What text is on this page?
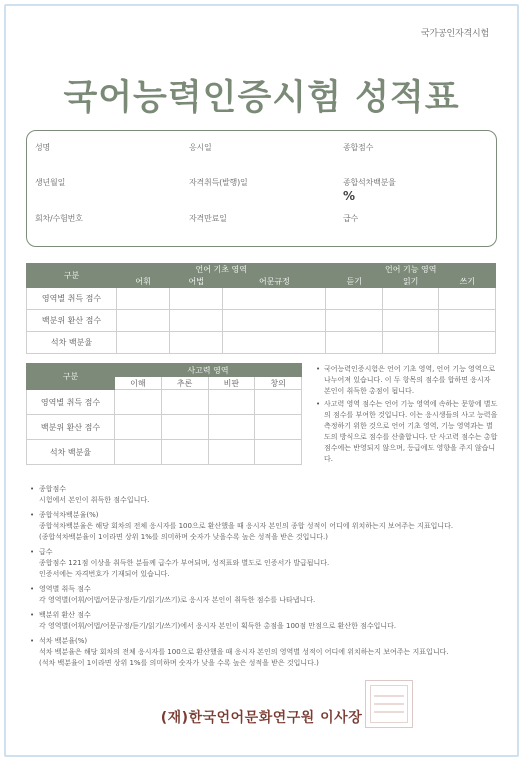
국가공인자격시험
국어능력인증시험 성적표
성명	응시일	종합점수
생년월일	자격취득(발행)일	종합석차백분율
%
회차/수험번호	자격만료일	급수
구분	언어 기초 영역			언어 기능 영역		
	어휘	어법	어문규정	듣기	읽기	쓰기
영역별 취득 점수						
백분위 환산 점수						
석차 백분율						
구분	사고력 영역			
	이해	추론	비판	창의
영역별 취득 점수				
백분위 환산 점수				
석차 백분율				
• 국어능력인증시험은 언어 기초 영역, 언어 기능 영역으로 나누어져 있습니다. 이 두 항목의 점수를 합하면 응시자 본인이 취득한 총점이 됩니다.
• 사고력 영역 점수는 언어 기능 영역에 속하는 문항에 별도의 점수를 부여한 것입니다. 이는 응시생들의 사고 능력을 측정하기 위한 것으로 언어 기초 영역, 기능 영역과는 별도의 방식으로 점수를 산출합니다. 단 사고력 점수는 총합 점수에는 반영되지 않으며, 등급에도 영향을 주지 않습니다.
• 종합점수
시험에서 본인이 취득한 점수입니다.
• 종합석차백분율(%)
종합석차백분율은 해당 회차의 전체 응시자를 100으로 환산했을 때 응시자 본인의 종합 성적이 어디에 위치하는지 보여주는 지표입니다.
(종합석차백분율이 1이라면 상위 1%를 의미하며 숫자가 낮을수록 높은 성적을 받은 것입니다.)
• 급수
종합점수 121점 이상을 취득한 분들께 급수가 부여되며, 성적표와 별도로 인증서가 발급됩니다.
인증서에는 자격번호가 기재되어 있습니다.
• 영역별 취득 점수
각 영역별(어휘/어법/어문규정/듣기/읽기/쓰기)로 응시자 본인이 취득한 점수를 나타냅니다.
• 백분위 환산 점수
각 영역별(어휘/어법/어문규정/듣기/읽기/쓰기)에서 응시자 본인이 획득한 총점을 100점 만점으로 환산한 점수입니다.
• 석차 백분율(%)
석차 백분율은 해당 회차의 전체 응시자를 100으로 환산했을 때 응시자 본인의 영역별 성적이 어디에 위치하는지 보여주는 지표입니다.
(석차 백분율이 1이라면 상위 1%를 의미하며 숫자가 낮을 수록 높은 성적을 받은 것입니다.)
(재)한국언어문화연구원 이사장
